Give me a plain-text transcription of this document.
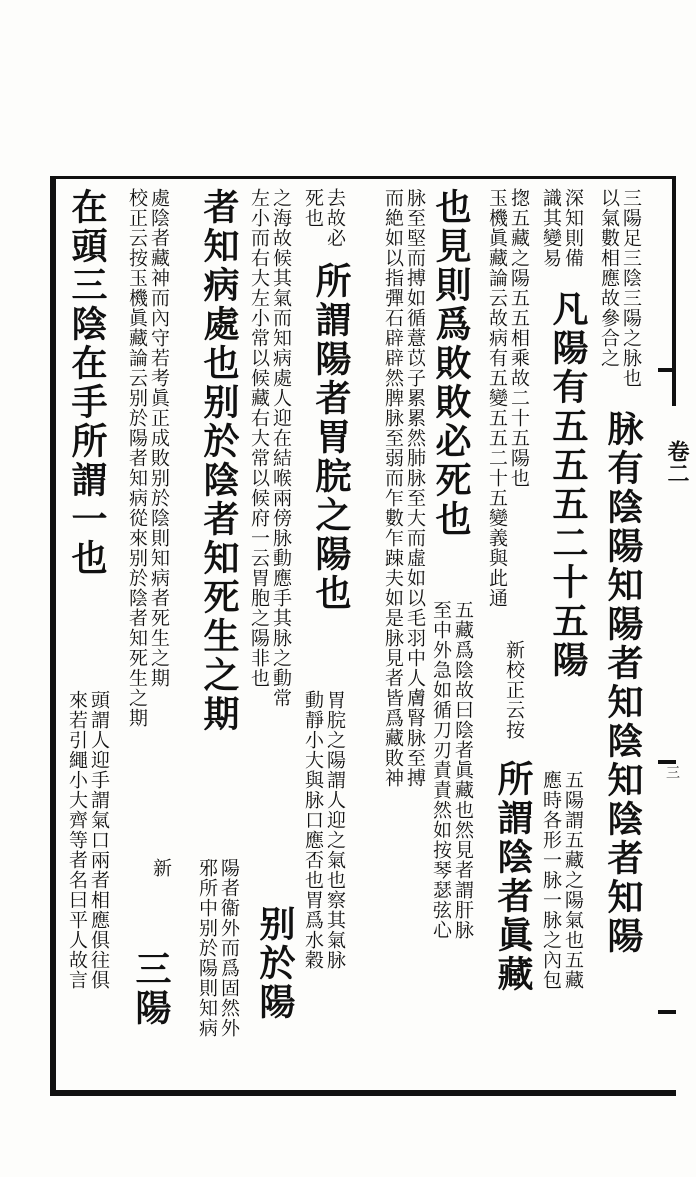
卷二
三
三陽足三陰三陽之脉也
以氣數相應故參合之
脉有陰陽知陽者知陰知陰者知陽
深知則備
識其變易
凡陽有五五五二十五陽
五陽謂五藏之陽氣也五藏
應時各形一脉一脉之內包
揔五藏之陽五五相乘故二十五陽也
玉機眞藏論云故病有五變五五二十五變義與此通
新校正云按
所謂陰者眞藏
也見則爲敗敗必死也
五藏爲陰故曰陰者眞藏也然見者謂肝脉
至中外急如循刀刃責責然如按琴瑟弦心
脉至堅而搏如循薏苡子累累然肺脉至大而虛如以毛羽中人膚腎脉至搏
而絶如以指彈石辟辟然脾脉至弱而乍數乍踈夫如是脉見者皆爲藏敗神
去故必
死也
所謂陽者胃脘之陽也
胃脘之陽謂人迎之氣也察其氣脉
動靜小大與脉口應否也胃爲水穀
之海故候其氣而知病處人迎在結喉兩傍脉動應手其脉之動常
左小而右大左小常以候藏右大常以候府一云胃胞之陽非也
别於陽
者知病處也别於陰者知死生之期
陽者衞外而爲固然外
邪所中别於陽則知病
處陰者藏神而內守若考眞正成敗别於陰則知病者死生之期
校正云按玉機眞藏論云别於陽者知病從來别於陰者知死生之期
新
三陽
在頭三陰在手所謂一也
頭謂人迎手謂氣口兩者相應俱往俱
來若引繩小大齊等者名曰平人故言
